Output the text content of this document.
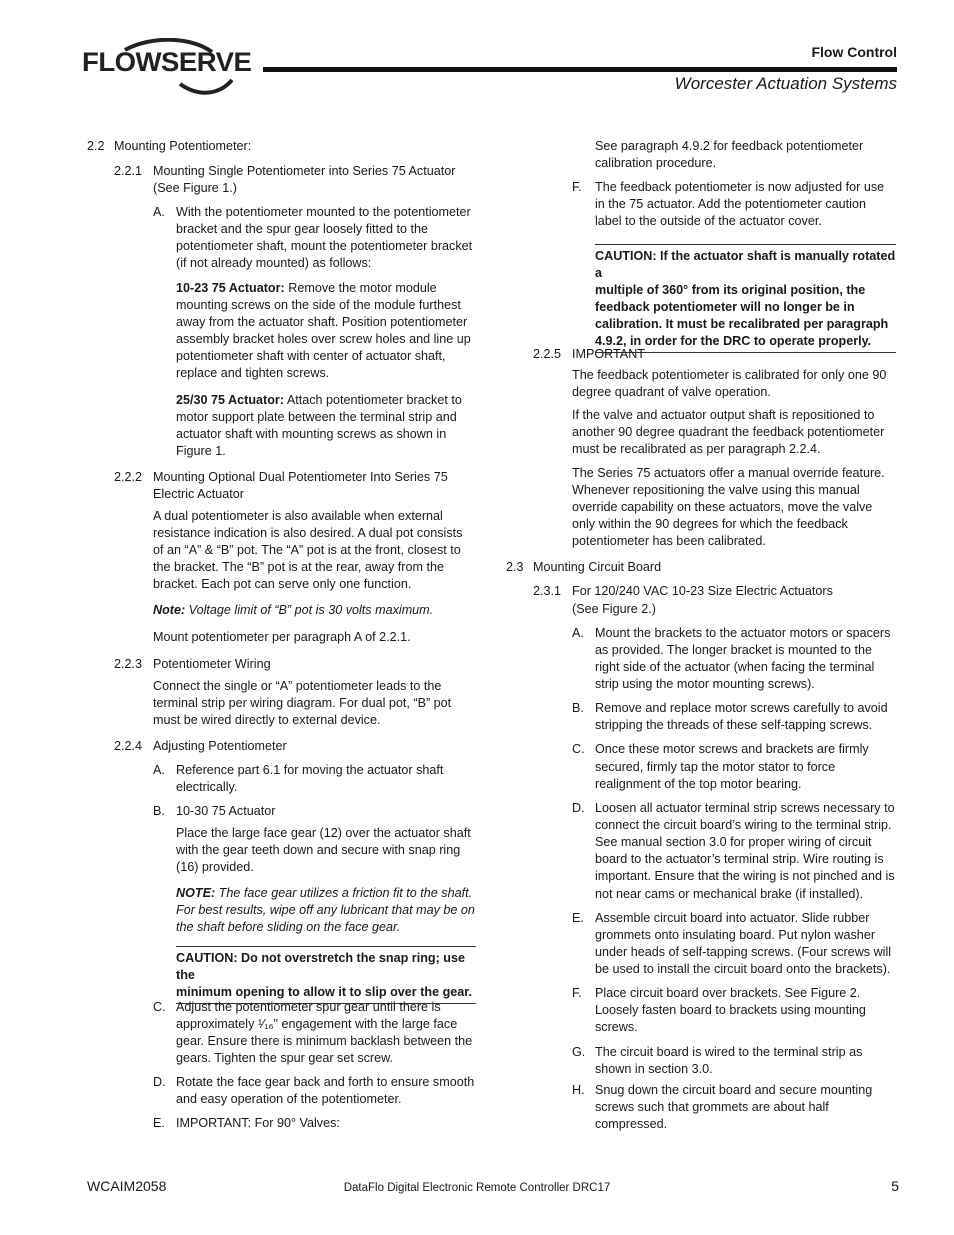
FLOWSERVE	Flow Control
Worcester Actuation Systems
2.2 Mounting Potentiometer:
2.2.1 Mounting Single Potentiometer into Series 75 Actuator
(See Figure 1.)
A. With the potentiometer mounted to the potentiometer
bracket and the spur gear loosely fitted to the
potentiometer shaft, mount the potentiometer bracket
(if not already mounted) as follows:
10-23 75 Actuator: Remove the motor module
mounting screws on the side of the module furthest
away from the actuator shaft. Position potentiometer
assembly bracket holes over screw holes and line up
potentiometer shaft with center of actuator shaft,
replace and tighten screws.
25/30 75 Actuator: Attach potentiometer bracket to
motor support plate between the terminal strip and
actuator shaft with mounting screws as shown in
Figure 1.
2.2.2 Mounting Optional Dual Potentiometer Into Series 75
Electric Actuator
A dual potentiometer is also available when external
resistance indication is also desired. A dual pot consists
of an “A” & “B” pot. The “A” pot is at the front, closest to
the bracket. The “B” pot is at the rear, away from the
bracket. Each pot can serve only one function.
Note: Voltage limit of “B” pot is 30 volts maximum.
Mount potentiometer per paragraph A of 2.2.1.
2.2.3 Potentiometer Wiring
Connect the single or “A” potentiometer leads to the
terminal strip per wiring diagram. For dual pot, “B” pot
must be wired directly to external device.
2.2.4 Adjusting Potentiometer
A. Reference part 6.1 for moving the actuator shaft
electrically.
B. 10-30 75 Actuator
Place the large face gear (12) over the actuator shaft
with the gear teeth down and secure with snap ring
(16) provided.
NOTE: The face gear utilizes a friction fit to the shaft.
For best results, wipe off any lubricant that may be on
the shaft before sliding on the face gear.
CAUTION: Do not overstretch the snap ring; use the
minimum opening to allow it to slip over the gear.
C. Adjust the potentiometer spur gear until there is
approximately ¹⁄₁₆" engagement with the large face
gear. Ensure there is minimum backlash between the
gears. Tighten the spur gear set screw.
D. Rotate the face gear back and forth to ensure smooth
and easy operation of the potentiometer.
E. IMPORTANT: For 90° Valves:
See paragraph 4.9.2 for feedback potentiometer
calibration procedure.
F. The feedback potentiometer is now adjusted for use
in the 75 actuator. Add the potentiometer caution
label to the outside of the actuator cover.
CAUTION: If the actuator shaft is manually rotated a
multiple of 360° from its original position, the
feedback potentiometer will no longer be in
calibration. It must be recalibrated per paragraph
4.9.2, in order for the DRC to operate properly.
2.2.5 IMPORTANT
The feedback potentiometer is calibrated for only one 90
degree quadrant of valve operation.
If the valve and actuator output shaft is repositioned to
another 90 degree quadrant the feedback potentiometer
must be recalibrated as per paragraph 2.2.4.
The Series 75 actuators offer a manual override feature.
Whenever repositioning the valve using this manual
override capability on these actuators, move the valve
only within the 90 degrees for which the feedback
potentiometer has been calibrated.
2.3 Mounting Circuit Board
2.3.1 For 120/240 VAC 10-23 Size Electric Actuators
(See Figure 2.)
A. Mount the brackets to the actuator motors or spacers
as provided. The longer bracket is mounted to the
right side of the actuator (when facing the terminal
strip using the motor mounting screws).
B. Remove and replace motor screws carefully to avoid
stripping the threads of these self-tapping screws.
C. Once these motor screws and brackets are firmly
secured, firmly tap the motor stator to force
realignment of the top motor bearing.
D. Loosen all actuator terminal strip screws necessary to
connect the circuit board’s wiring to the terminal strip.
See manual section 3.0 for proper wiring of circuit
board to the actuator’s terminal strip. Wire routing is
important. Ensure that the wiring is not pinched and is
not near cams or mechanical brake (if installed).
E. Assemble circuit board into actuator. Slide rubber
grommets onto insulating board. Put nylon washer
under heads of self-tapping screws. (Four screws will
be used to install the circuit board onto the brackets).
F. Place circuit board over brackets. See Figure 2.
Loosely fasten board to brackets using mounting
screws.
G. The circuit board is wired to the terminal strip as
shown in section 3.0.
H. Snug down the circuit board and secure mounting
screws such that grommets are about half
compressed.
WCAIM2058	DataFlo Digital Electronic Remote Controller DRC17	5
